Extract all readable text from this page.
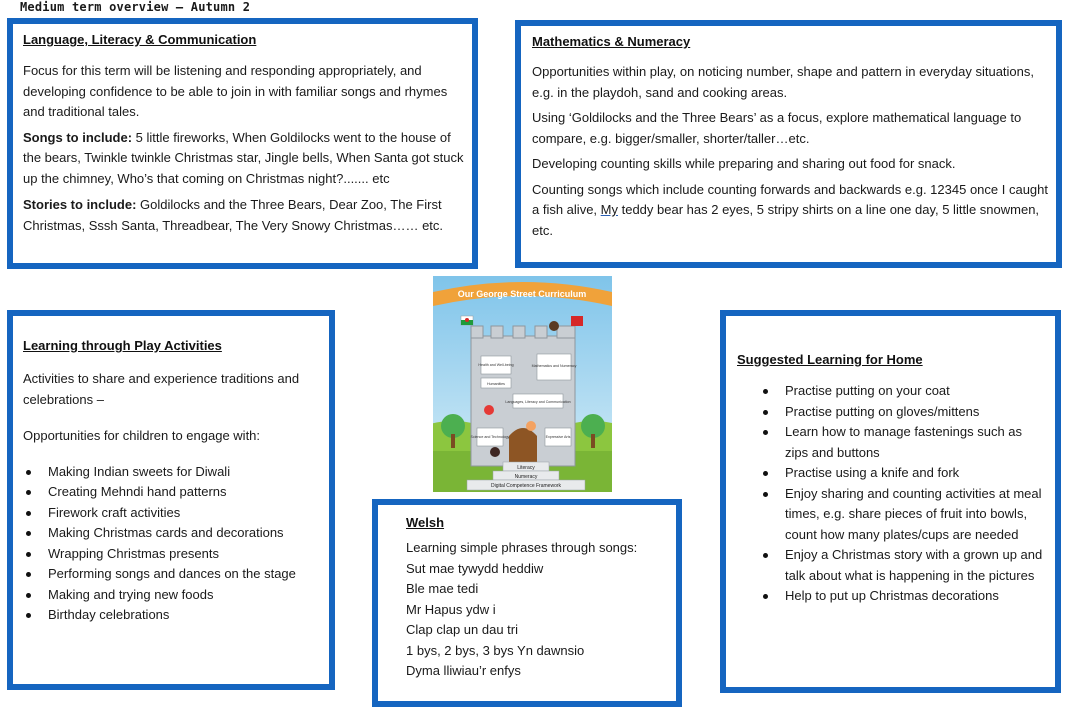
Medium term overview – Autumn 2
Language, Literacy & Communication

Focus for this term will be listening and responding appropriately, and developing confidence to be able to join in with familiar songs and rhymes and traditional tales.

Songs to include: 5 little fireworks, When Goldilocks went to the house of the bears, Twinkle twinkle Christmas star, Jingle bells, When Santa got stuck up the chimney, Who’s that coming on Christmas night?....... etc

Stories to include: Goldilocks and the Three Bears, Dear Zoo, The First Christmas, Sssh Santa, Threadbear, The Very Snowy Christmas…… etc.

Mathematics & Numeracy

Opportunities within play, on noticing number, shape and pattern in everyday situations, e.g. in the playdoh, sand and cooking areas.

Using ‘Goldilocks and the Three Bears’ as a focus, explore mathematical language to compare, e.g. bigger/smaller, shorter/taller…etc.

Developing counting skills while preparing and sharing out food for snack.

Counting songs which include counting forwards and backwards e.g. 12345 once I caught a fish alive, My teddy bear has 2 eyes, 5 stripy shirts on a line one day, 5 little snowmen, etc.

Learning through Play Activities

Activities to share and experience traditions and celebrations –

Opportunities for children to engage with:

Making Indian sweets for Diwali
Creating Mehndi hand patterns
Firework craft activities
Making Christmas cards and decorations
Wrapping Christmas presents
Performing songs and dances on the stage
Making and trying new foods
Birthday celebrations
Welsh
Learning simple phrases through songs:
Sut mae tywydd heddiw
Ble mae tedi
Mr Hapus ydw i
Clap clap un dau tri
1 bys, 2 bys, 3 bys Yn dawnsio
Dyma lliwiau’r enfys
Suggested Learning for Home
Practise putting on your coat
Practise putting on gloves/mittens
Learn how to manage fastenings such as zips and buttons
Practise using a knife and fork
Enjoy sharing and counting activities at meal times, e.g. share pieces of fruit into bowls, count how many plates/cups are needed
Enjoy a Christmas story with a grown up and talk about what is happening in the pictures
Help to put up Christmas decorations
Our George Street Curriculum
Health and Well-being	Mathematics and Numeracy
Humanities
Languages, Literacy and Communication
Science and Technology	Expressive Arts
Literacy
Numeracy
Digital Competence Framework
